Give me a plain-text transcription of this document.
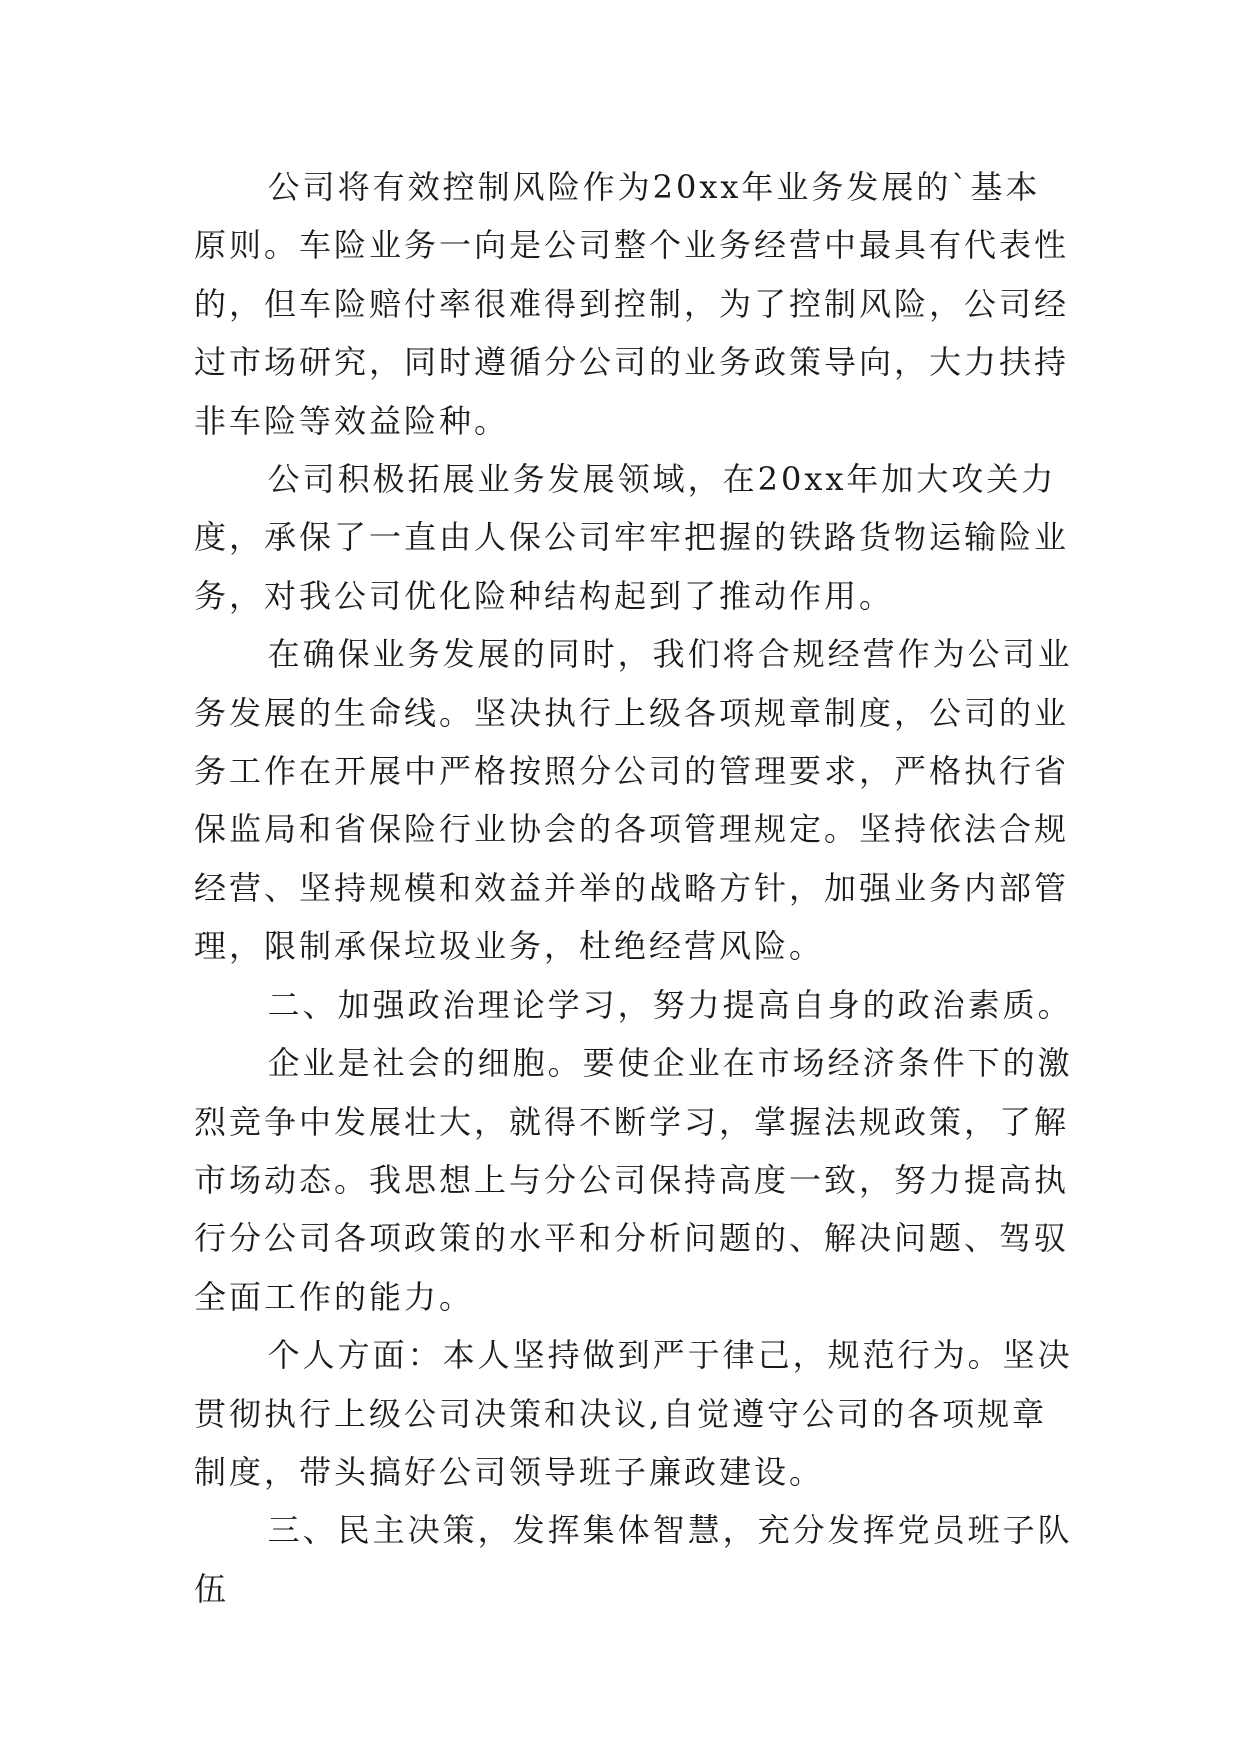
公司将有效控制风险作为20xx年业务发展的`基本原则。车险业务一向是公司整个业务经营中最具有代表性的，但车险赔付率很难得到控制，为了控制风险，公司经过市场研究，同时遵循分公司的业务政策导向，大力扶持非车险等效益险种。

公司积极拓展业务发展领域，在20xx年加大攻关力度，承保了一直由人保公司牢牢把握的铁路货物运输险业务，对我公司优化险种结构起到了推动作用。

在确保业务发展的同时，我们将合规经营作为公司业务发展的生命线。坚决执行上级各项规章制度，公司的业务工作在开展中严格按照分公司的管理要求，严格执行省保监局和省保险行业协会的各项管理规定。坚持依法合规经营、坚持规模和效益并举的战略方针，加强业务内部管理，限制承保垃圾业务，杜绝经营风险。

二、加强政治理论学习，努力提高自身的政治素质。

企业是社会的细胞。要使企业在市场经济条件下的激烈竞争中发展壮大，就得不断学习，掌握法规政策，了解市场动态。我思想上与分公司保持高度一致，努力提高执行分公司各项政策的水平和分析问题的、解决问题、驾驭全面工作的能力。

个人方面：本人坚持做到严于律己，规范行为。坚决贯彻执行上级公司决策和决议,自觉遵守公司的各项规章制度，带头搞好公司领导班子廉政建设。

三、民主决策，发挥集体智慧，充分发挥党员班子队伍
